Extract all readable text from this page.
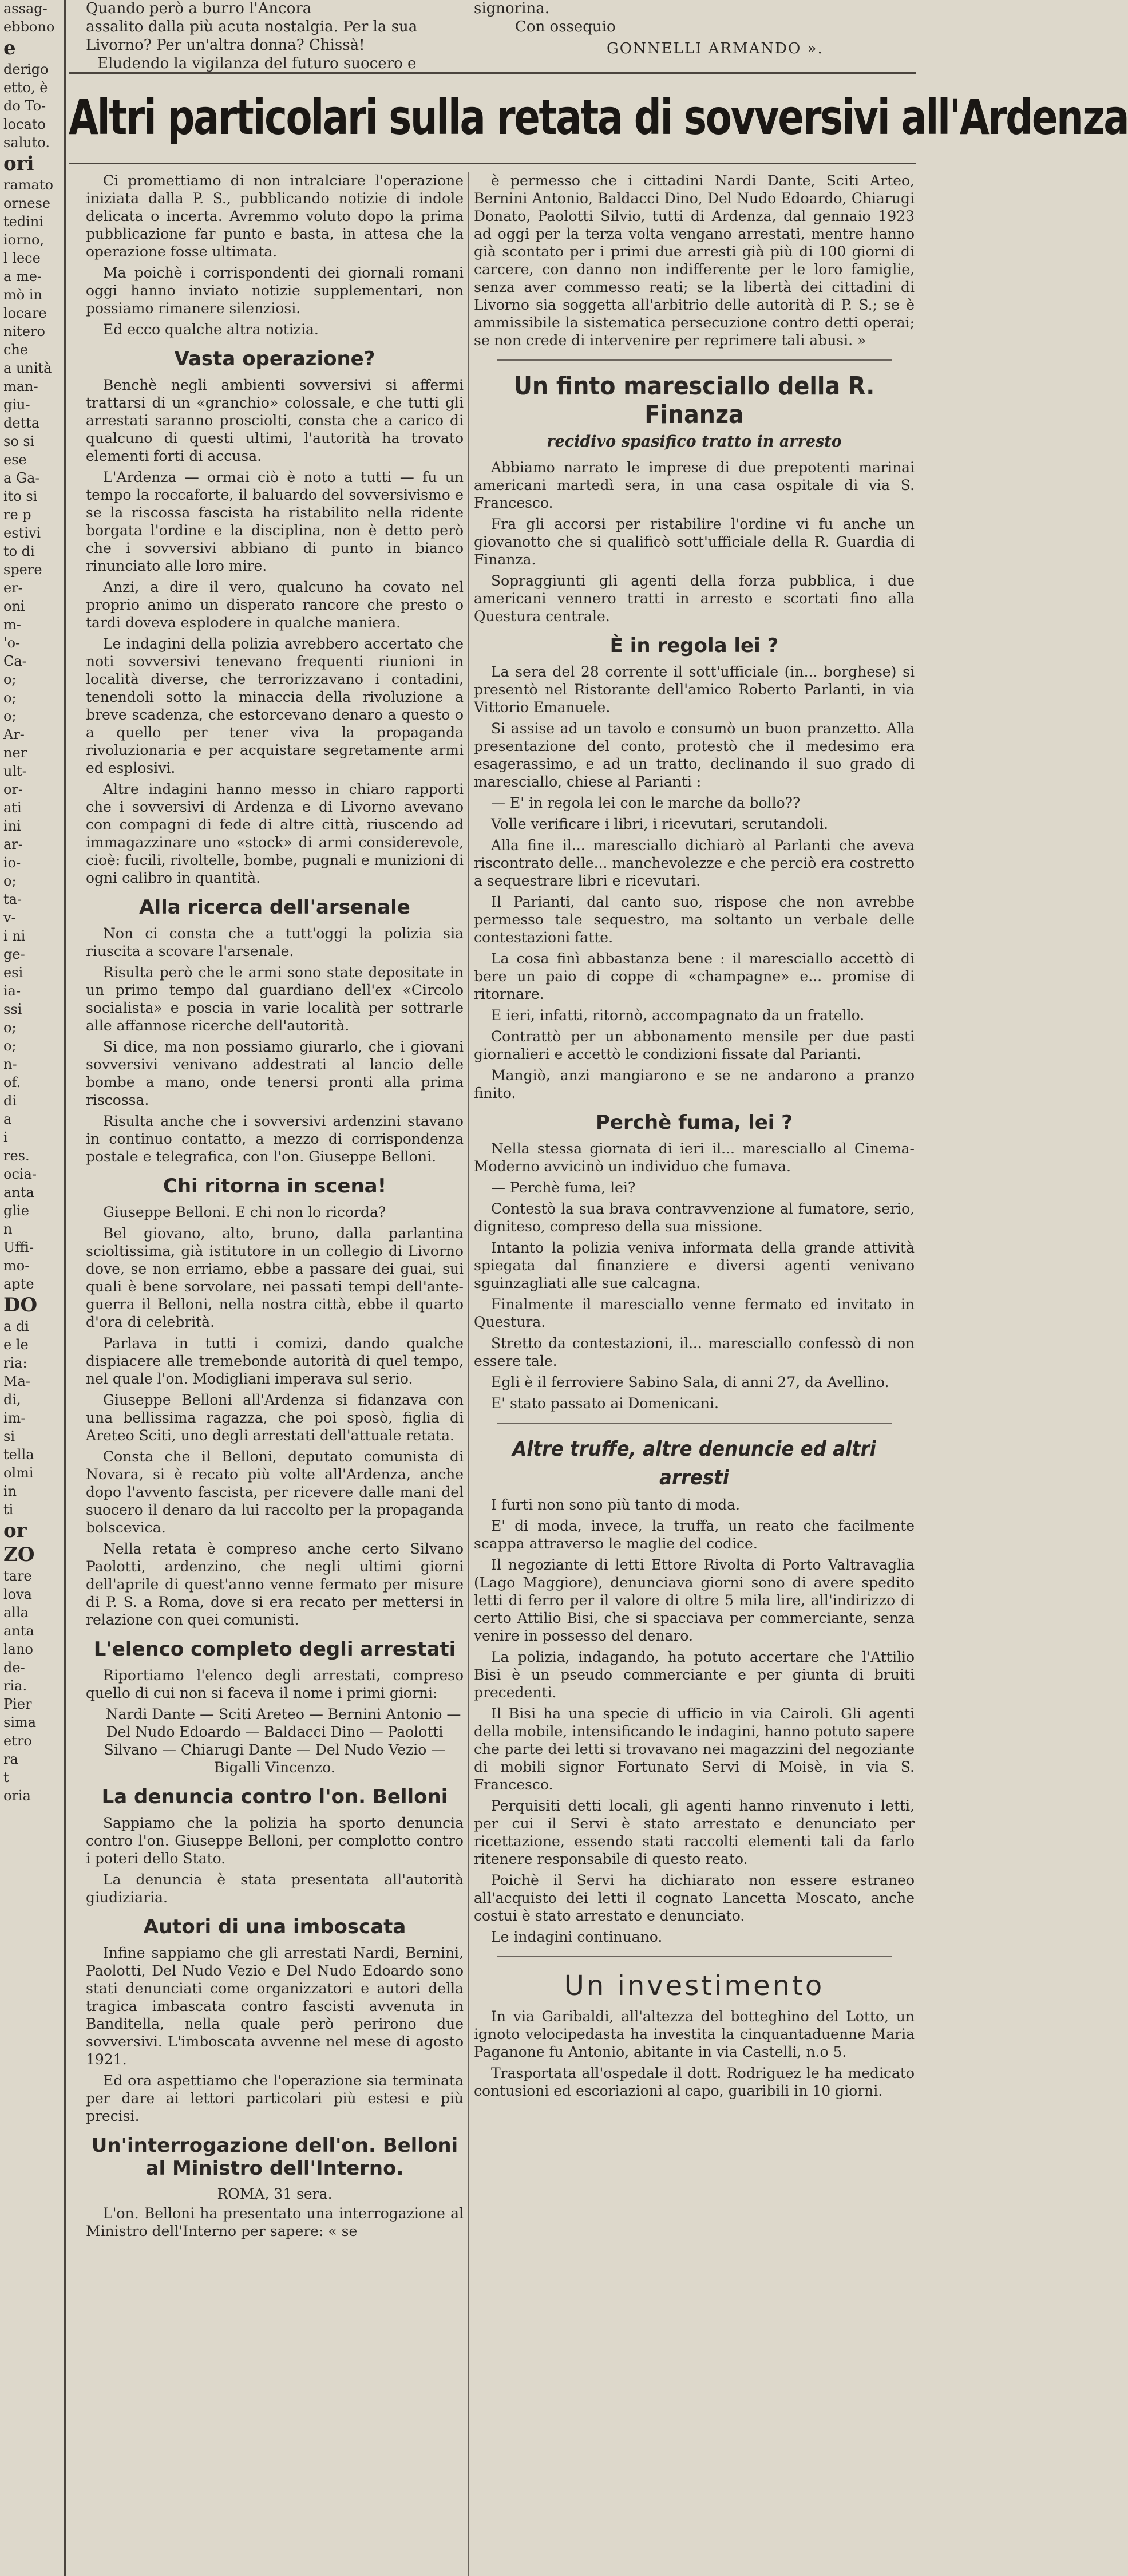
assag-
ebbono
e
derigo
etto, è
do To-
locato
saluto.
ori
ramato
ornese
tedini
iorno,
l lece
a me-
mò in
locare
nitero
che
a unità
man-
giu-
detta
so si
ese
a Ga-
ito si
re p
estivi
to di
spere
er-
oni
m-
'o-
Ca-
o;
o;
o;
Ar-
ner
ult-
or-
ati
ini
ar-
io-
o;
ta-
v-
i ni
ge-
esi
ia-
ssi
o;
o;
n-
of.
di
a
i
res.
ocia-
anta
glie
n
Uffi-
mo-
apte
DO
a di
e le
ria:
Ma-
di,
im-
si
tella
olmi
in
ti
or
ZO
tare
lova
alla
anta
lano
de-
ria.
Pier
sima
etro
ra
t
oria
Quando però a burro l'Ancora
assalito dalla più acuta nostalgia. Per la sua
Livorno? Per un'altra donna? Chissà!
Eludendo la vigilanza del futuro suocero e
signorina.
Con ossequio
GONNELLI ARMANDO ».
Altri particolari sulla retata di sovversivi all'Ardenza

Ci promettiamo di non intralciare l'operazione iniziata dalla P. S., pubblicando notizie di indole delicata o incerta. Avremmo voluto dopo la prima pubblicazione far punto e basta, in attesa che la operazione fosse ultimata.

Ma poichè i corrispondenti dei giornali romani oggi hanno inviato notizie supplementari, non possiamo rimanere silenziosi.

Ed ecco qualche altra notizia.

Vasta operazione?

Benchè negli ambienti sovversivi si affermi trattarsi di un «granchio» colossale, e che tutti gli arrestati saranno prosciolti, consta che a carico di qualcuno di questi ultimi, l'autorità ha trovato elementi forti di accusa.

L'Ardenza — ormai ciò è noto a tutti — fu un tempo la roccaforte, il baluardo del sovversivismo e se la riscossa fascista ha ristabilito nella ridente borgata l'ordine e la disciplina, non è detto però che i sovversivi abbiano di punto in bianco rinunciato alle loro mire.

Anzi, a dire il vero, qualcuno ha covato nel proprio animo un disperato rancore che presto o tardi doveva esplodere in qualche maniera.

Le indagini della polizia avrebbero accertato che noti sovversivi tenevano frequenti riunioni in località diverse, che terrorizzavano i contadini, tenendoli sotto la minaccia della rivoluzione a breve scadenza, che estorcevano denaro a questo o a quello per tener viva la propaganda rivoluzionaria e per acquistare segretamente armi ed esplosivi.

Altre indagini hanno messo in chiaro rapporti che i sovversivi di Ardenza e di Livorno avevano con compagni di fede di altre città, riuscendo ad immagazzinare uno «stock» di armi considerevole, cioè: fucili, rivoltelle, bombe, pugnali e munizioni di ogni calibro in quantità.

Alla ricerca dell'arsenale

Non ci consta che a tutt'oggi la polizia sia riuscita a scovare l'arsenale.

Risulta però che le armi sono state depositate in un primo tempo dal guardiano dell'ex «Circolo socialista» e poscia in varie località per sottrarle alle affannose ricerche dell'autorità.

Si dice, ma non possiamo giurarlo, che i giovani sovversivi venivano addestrati al lancio delle bombe a mano, onde tenersi pronti alla prima riscossa.

Risulta anche che i sovversivi ardenzini stavano in continuo contatto, a mezzo di corrispondenza postale e telegrafica, con l'on. Giuseppe Belloni.

Chi ritorna in scena!

Giuseppe Belloni. E chi non lo ricorda?

Bel giovano, alto, bruno, dalla parlantina scioltissima, già istitutore in un collegio di Livorno dove, se non erriamo, ebbe a passare dei guai, sui quali è bene sorvolare, nei passati tempi dell'ante-guerra il Belloni, nella nostra città, ebbe il quarto d'ora di celebrità.

Parlava in tutti i comizi, dando qualche dispiacere alle tremebonde autorità di quel tempo, nel quale l'on. Modigliani imperava sul serio.

Giuseppe Belloni all'Ardenza si fidanzava con una bellissima ragazza, che poi sposò, figlia di Areteo Sciti, uno degli arrestati dell'attuale retata.

Consta che il Belloni, deputato comunista di Novara, si è recato più volte all'Ardenza, anche dopo l'avvento fascista, per ricevere dalle mani del suocero il denaro da lui raccolto per la propaganda bolscevica.

Nella retata è compreso anche certo Silvano Paolotti, ardenzino, che negli ultimi giorni dell'aprile di quest'anno venne fermato per misure di P. S. a Roma, dove si era recato per mettersi in relazione con quei comunisti.

L'elenco completo degli arrestati

Riportiamo l'elenco degli arrestati, compreso quello di cui non si faceva il nome i primi giorni:

Nardi Dante — Sciti Areteo — Bernini Antonio — Del Nudo Edoardo — Baldacci Dino — Paolotti Silvano — Chiarugi Dante — Del Nudo Vezio — Bigalli Vincenzo.

La denuncia contro l'on. Belloni

Sappiamo che la polizia ha sporto denuncia contro l'on. Giuseppe Belloni, per complotto contro i poteri dello Stato.

La denuncia è stata presentata all'autorità giudiziaria.

Autori di una imboscata

Infine sappiamo che gli arrestati Nardi, Bernini, Paolotti, Del Nudo Vezio e Del Nudo Edoardo sono stati denunciati come organizzatori e autori della tragica imbascata contro fascisti avvenuta in Banditella, nella quale però perirono due sovversivi. L'imboscata avvenne nel mese di agosto 1921.

Ed ora aspettiamo che l'operazione sia terminata per dare ai lettori particolari più estesi e più precisi.

Un'interrogazione dell'on. Belloni al Ministro dell'Interno.
ROMA, 31 sera.

L'on. Belloni ha presentato una interrogazione al Ministro dell'Interno per sapere: « se

è permesso che i cittadini Nardi Dante, Sciti Arteo, Bernini Antonio, Baldacci Dino, Del Nudo Edoardo, Chiarugi Donato, Paolotti Silvio, tutti di Ardenza, dal gennaio 1923 ad oggi per la terza volta vengano arrestati, mentre hanno già scontato per i primi due arresti già più di 100 giorni di carcere, con danno non indifferente per le loro famiglie, senza aver commesso reati; se la libertà dei cittadini di Livorno sia soggetta all'arbitrio delle autorità di P. S.; se è ammissibile la sistematica persecuzione contro detti operai; se non crede di intervenire per reprimere tali abusi. »

Un finto maresciallo della R. Finanza
recidivo spasifico tratto in arresto

Abbiamo narrato le imprese di due prepotenti marinai americani martedì sera, in una casa ospitale di via S. Francesco.

Fra gli accorsi per ristabilire l'ordine vi fu anche un giovanotto che si qualificò sott'ufficiale della R. Guardia di Finanza.

Sopraggiunti gli agenti della forza pubblica, i due americani vennero tratti in arresto e scortati fino alla Questura centrale.

È in regola lei ?

La sera del 28 corrente il sott'ufficiale (in... borghese) si presentò nel Ristorante dell'amico Roberto Parlanti, in via Vittorio Emanuele.

Si assise ad un tavolo e consumò un buon pranzetto. Alla presentazione del conto, protestò che il medesimo era esagerassimo, e ad un tratto, declinando il suo grado di maresciallo, chiese al Parianti :

— E' in regola lei con le marche da bollo??

Volle verificare i libri, i ricevutari, scrutandoli.

Alla fine il... maresciallo dichiarò al Parlanti che aveva riscontrato delle... manchevolezze e che perciò era costretto a sequestrare libri e ricevutari.

Il Parianti, dal canto suo, rispose che non avrebbe permesso tale sequestro, ma soltanto un verbale delle contestazioni fatte.

La cosa finì abbastanza bene : il maresciallo accettò di bere un paio di coppe di «champagne» e... promise di ritornare.

E ieri, infatti, ritornò, accompagnato da un fratello.

Contrattò per un abbonamento mensile per due pasti giornalieri e accettò le condizioni fissate dal Parianti.

Mangiò, anzi mangiarono e se ne andarono a pranzo finito.

Perchè fuma, lei ?

Nella stessa giornata di ieri il... maresciallo al Cinema-Moderno avvicinò un individuo che fumava.

— Perchè fuma, lei?

Contestò la sua brava contravvenzione al fumatore, serio, digniteso, compreso della sua missione.

Intanto la polizia veniva informata della grande attività spiegata dal finanziere e diversi agenti venivano sguinzagliati alle sue calcagna.

Finalmente il maresciallo venne fermato ed invitato in Questura.

Stretto da contestazioni, il... maresciallo confessò di non essere tale.

Egli è il ferroviere Sabino Sala, di anni 27, da Avellino.

E' stato passato ai Domenicani.

Altre truffe, altre denuncie ed altri arresti

I furti non sono più tanto di moda.

E' di moda, invece, la truffa, un reato che facilmente scappa attraverso le maglie del codice.

Il negoziante di letti Ettore Rivolta di Porto Valtravaglia (Lago Maggiore), denunciava giorni sono di avere spedito letti di ferro per il valore di oltre 5 mila lire, all'indirizzo di certo Attilio Bisi, che si spacciava per commerciante, senza venire in possesso del denaro.

La polizia, indagando, ha potuto accertare che l'Attilio Bisi è un pseudo commerciante e per giunta di bruiti precedenti.

Il Bisi ha una specie di ufficio in via Cairoli. Gli agenti della mobile, intensificando le indagini, hanno potuto sapere che parte dei letti si trovavano nei magazzini del negoziante di mobili signor Fortunato Servi di Moisè, in via S. Francesco.

Perquisiti detti locali, gli agenti hanno rinvenuto i letti, per cui il Servi è stato arrestato e denunciato per ricettazione, essendo stati raccolti elementi tali da farlo ritenere responsabile di questo reato.

Poichè il Servi ha dichiarato non essere estraneo all'acquisto dei letti il cognato Lancetta Moscato, anche costui è stato arrestato e denunciato.

Le indagini continuano.

Un investimento

In via Garibaldi, all'altezza del botteghino del Lotto, un ignoto velocipedasta ha investita la cinquantaduenne Maria Paganone fu Antonio, abitante in via Castelli, n.o 5.

Trasportata all'ospedale il dott. Rodriguez le ha medicato contusioni ed escoriazioni al capo, guaribili in 10 giorni.
